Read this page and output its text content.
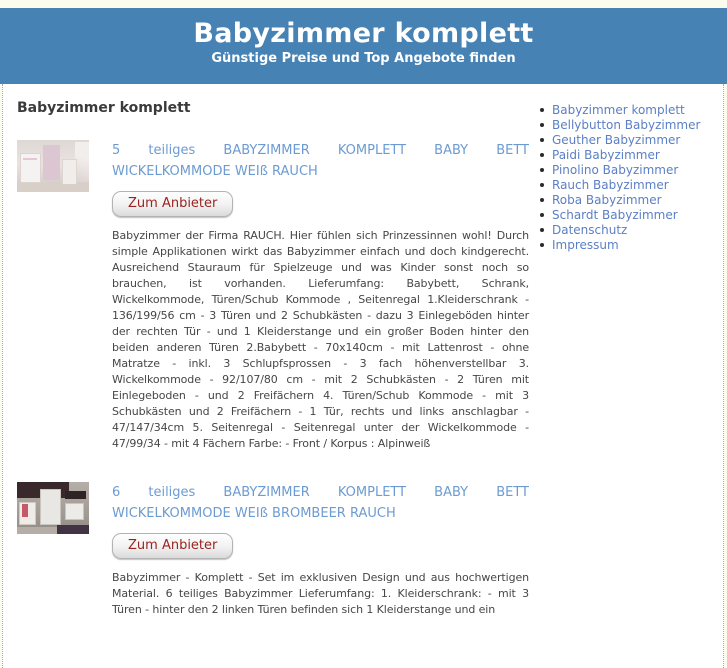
Babyzimmer komplett
Günstige Preise und Top Angebote finden
Babyzimmer komplett
5 teiliges BABYZIMMER KOMPLETT BABY BETT WICKELKOMMODE WEIß RAUCH
Zum Anbieter

Babyzimmer der Firma RAUCH. Hier fühlen sich Prinzessinnen wohl! Durch simple Applikationen wirkt das Babyzimmer einfach und doch kindgerecht. Ausreichend Stauraum für Spielzeuge und was Kinder sonst noch so brauchen, ist vorhanden. Lieferumfang: Babybett, Schrank, Wickelkommode, Türen/Schub Kommode , Seitenregal 1.Kleiderschrank - 136/199/56 cm - 3 Türen und 2 Schubkästen - dazu 3 Einlegeböden hinter der rechten Tür - und 1 Kleiderstange und ein großer Boden hinter den beiden anderen Türen 2.Babybett - 70x140cm - mit Lattenrost - ohne Matratze - inkl. 3 Schlupfsprossen - 3 fach höhenverstellbar 3. Wickelkommode - 92/107/80 cm - mit 2 Schubkästen - 2 Türen mit Einlegeboden - und 2 Freifächern 4. Türen/Schub Kommode - mit 3 Schubkästen und 2 Freifächern - 1 Tür, rechts und links anschlagbar - 47/147/34cm 5. Seitenregal - Seitenregal unter der Wickelkommode - 47/99/34 - mit 4 Fächern Farbe: - Front / Korpus : Alpinweiß

6 teiliges BABYZIMMER KOMPLETT BABY BETT WICKELKOMMODE WEIß BROMBEER RAUCH
Zum Anbieter

Babyzimmer - Komplett - Set im exklusiven Design und aus hochwertigen Material. 6 teiliges Babyzimmer Lieferumfang: 1. Kleiderschrank: - mit 3 Türen - hinter den 2 linken Türen befinden sich 1 Kleiderstange und ein

Babyzimmer komplett
Bellybutton Babyzimmer
Geuther Babyzimmer
Paidi Babyzimmer
Pinolino Babyzimmer
Rauch Babyzimmer
Roba Babyzimmer
Schardt Babyzimmer
Datenschutz
Impressum
